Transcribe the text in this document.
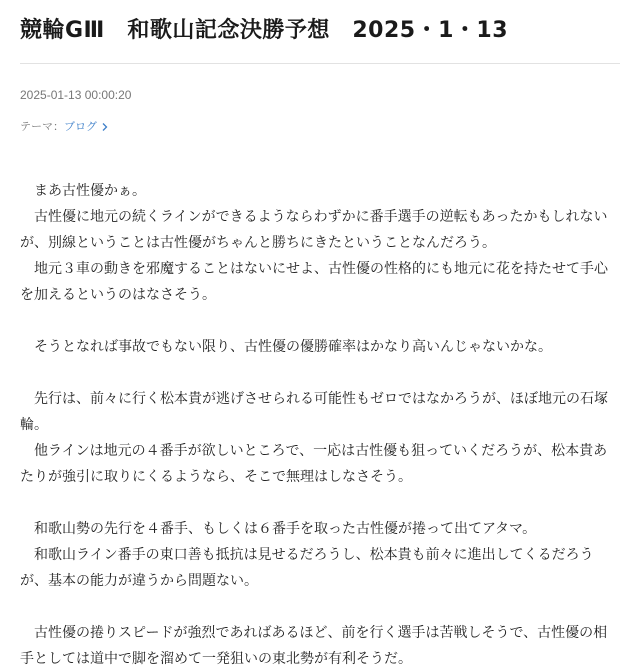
競輪GⅢ　和歌山記念決勝予想　2025・1・13
2025-01-13 00:00:20
テーマ： ブログ

まあ古性優かぁ。

古性優に地元の続くラインができるようならわずかに番手選手の逆転もあったかもしれないが、別線ということは古性優がちゃんと勝ちにきたということなんだろう。

地元３車の動きを邪魔することはないにせよ、古性優の性格的にも地元に花を持たせて手心を加えるというのはなさそう。

そうとなれば事故でもない限り、古性優の優勝確率はかなり高いんじゃないかな。

先行は、前々に行く松本貴が逃げさせられる可能性もゼロではなかろうが、ほぼ地元の石塚輪。

他ラインは地元の４番手が欲しいところで、一応は古性優も狙っていくだろうが、松本貴あたりが強引に取りにくるようなら、そこで無理はしなさそう。

和歌山勢の先行を４番手、もしくは６番手を取った古性優が捲って出てアタマ。

和歌山ライン番手の東口善も抵抗は見せるだろうし、松本貴も前々に進出してくるだろうが、基本の能力が違うから問題ない。

古性優の捲りスピードが強烈であればあるほど、前を行く選手は苦戦しそうで、古性優の相手としては道中で脚を溜めて一発狙いの東北勢が有利そうだ。
